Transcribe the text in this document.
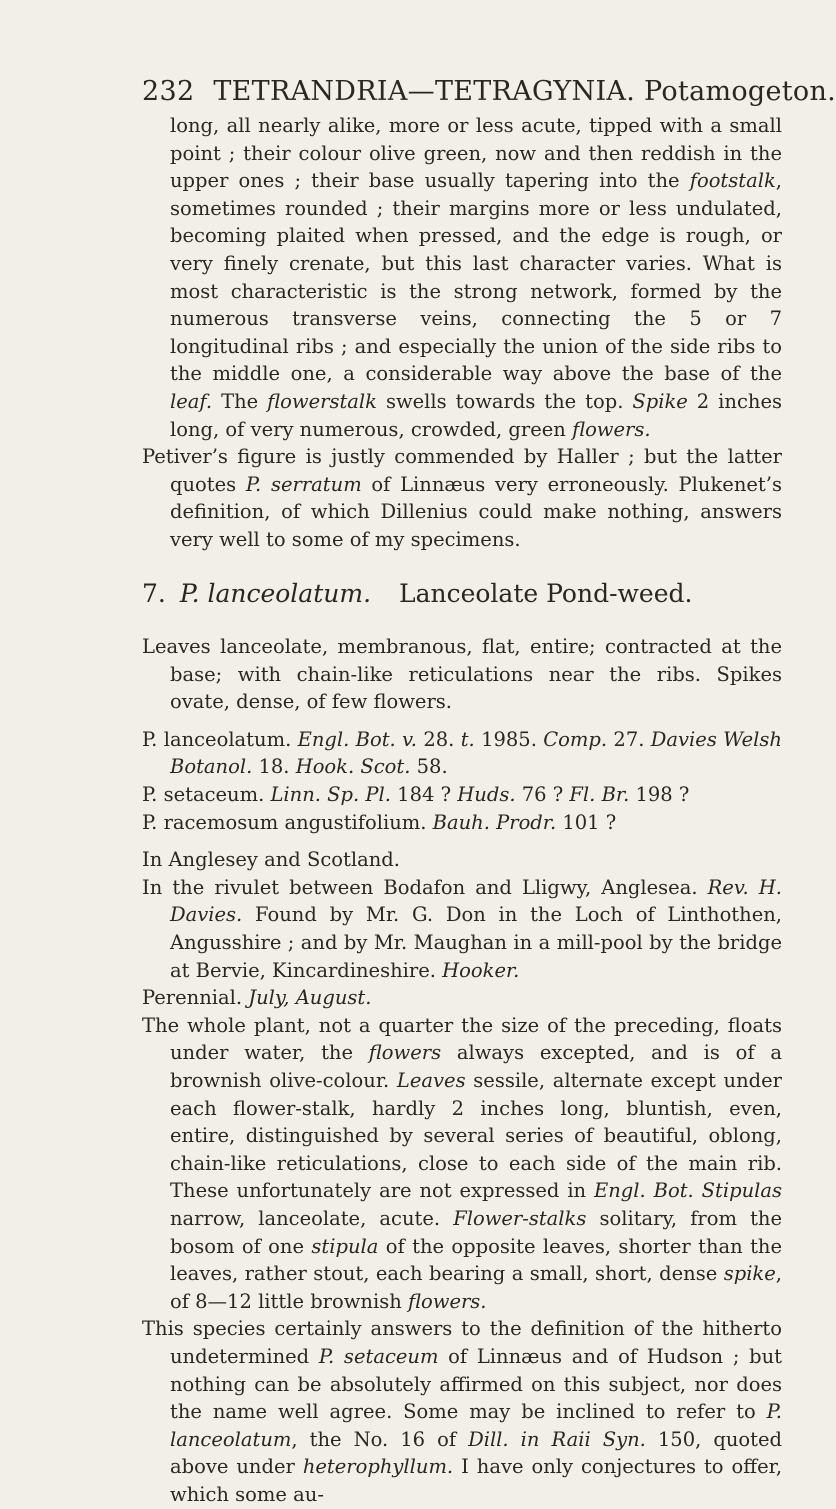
232 TETRANDRIA—TETRAGYNIA. Potamogeton.

long, all nearly alike, more or less acute, tipped with a small point ; their colour olive green, now and then reddish in the upper ones ; their base usually tapering into the footstalk, sometimes rounded ; their margins more or less undulated, becoming plaited when pressed, and the edge is rough, or very finely crenate, but this last character varies. What is most characteristic is the strong network, formed by the numerous transverse veins, connecting the 5 or 7 longitudinal ribs ; and especially the union of the side ribs to the middle one, a considerable way above the base of the leaf. The flowerstalk swells towards the top. Spike 2 inches long, of very numerous, crowded, green flowers.

Petiver’s figure is justly commended by Haller ; but the latter quotes P. serratum of Linnæus very erroneously. Plukenet’s definition, of which Dillenius could make nothing, answers very well to some of my specimens.

7. P. lanceolatum. Lanceolate Pond-weed.

Leaves lanceolate, membranous, flat, entire; contracted at the base; with chain-like reticulations near the ribs. Spikes ovate, dense, of few flowers.

P. lanceolatum. Engl. Bot. v. 28. t. 1985. Comp. 27. Davies Welsh Botanol. 18. Hook. Scot. 58.

P. setaceum. Linn. Sp. Pl. 184 ? Huds. 76 ? Fl. Br. 198 ?

P. racemosum angustifolium. Bauh. Prodr. 101 ?

In Anglesey and Scotland.

In the rivulet between Bodafon and Lligwy, Anglesea. Rev. H. Davies. Found by Mr. G. Don in the Loch of Linthothen, Angusshire ; and by Mr. Maughan in a mill-pool by the bridge at Bervie, Kincardineshire. Hooker.

Perennial. July, August.

The whole plant, not a quarter the size of the preceding, floats under water, the flowers always excepted, and is of a brownish olive-colour. Leaves sessile, alternate except under each flower-stalk, hardly 2 inches long, bluntish, even, entire, distinguished by several series of beautiful, oblong, chain-like reticulations, close to each side of the main rib. These unfortunately are not expressed in Engl. Bot. Stipulas narrow, lanceolate, acute. Flower-stalks solitary, from the bosom of one stipula of the opposite leaves, shorter than the leaves, rather stout, each bearing a small, short, dense spike, of 8—12 little brownish flowers.

This species certainly answers to the definition of the hitherto undetermined P. setaceum of Linnæus and of Hudson ; but nothing can be absolutely affirmed on this subject, nor does the name well agree. Some may be inclined to refer to P. lanceolatum, the No. 16 of Dill. in Raii Syn. 150, quoted above under heterophyllum. I have only conjectures to offer, which some au-
